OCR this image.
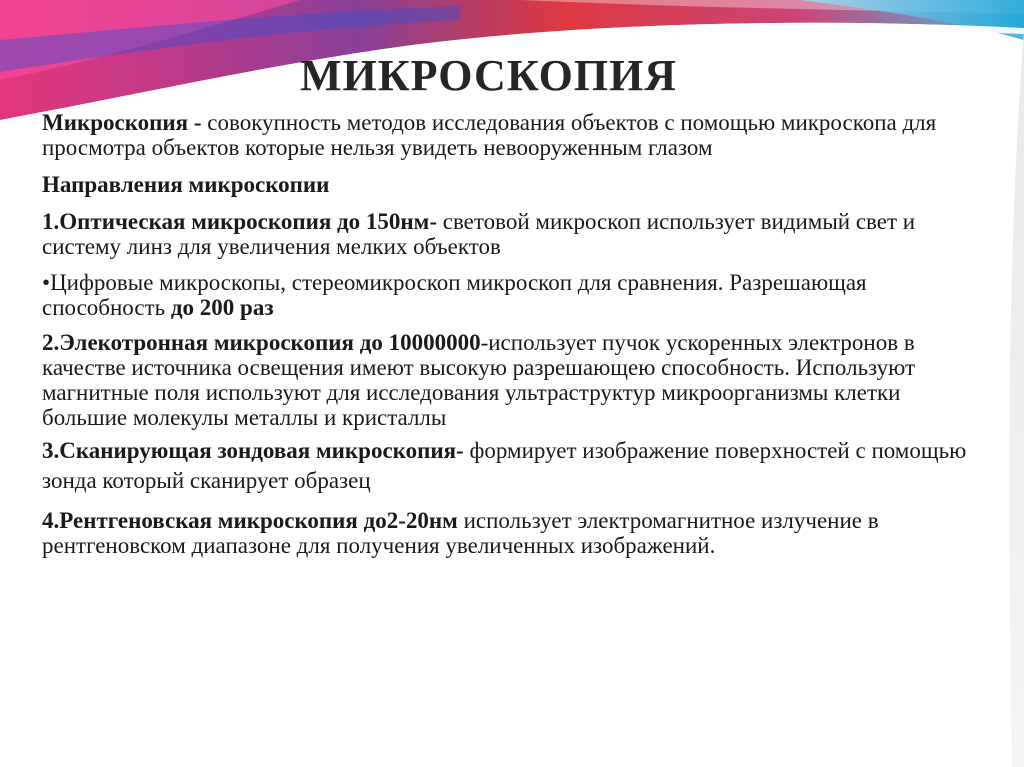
МИКРОСКОПИЯ

Микроскопия - совокупность методов исследования объектов с помощью микроскопа для просмотра объектов которые нельзя увидеть невооруженным глазом

Направления микроскопии

1.Оптическая микроскопия до 150нм- световой микроскоп использует видимый свет и систему линз для увеличения мелких объектов

•Цифровые микроскопы, стереомикроскоп микроскоп для сравнения. Разрешающая способность до 200 раз

2.Элекотронная микроскопия до 10000000-использует пучок ускоренных электронов в качестве источника освещения имеют высокую разрешающею способность. Используют магнитные поля используют для исследования ультраструктур микроорганизмы клетки большие молекулы металлы и кристаллы

3.Сканирующая зондовая микроскопия- формирует изображение поверхностей с помощью зонда который сканирует образец

4.Рентгеновская микроскопия до2-20нм использует электромагнитное излучение в рентгеновском диапазоне для получения увеличенных изображений.
